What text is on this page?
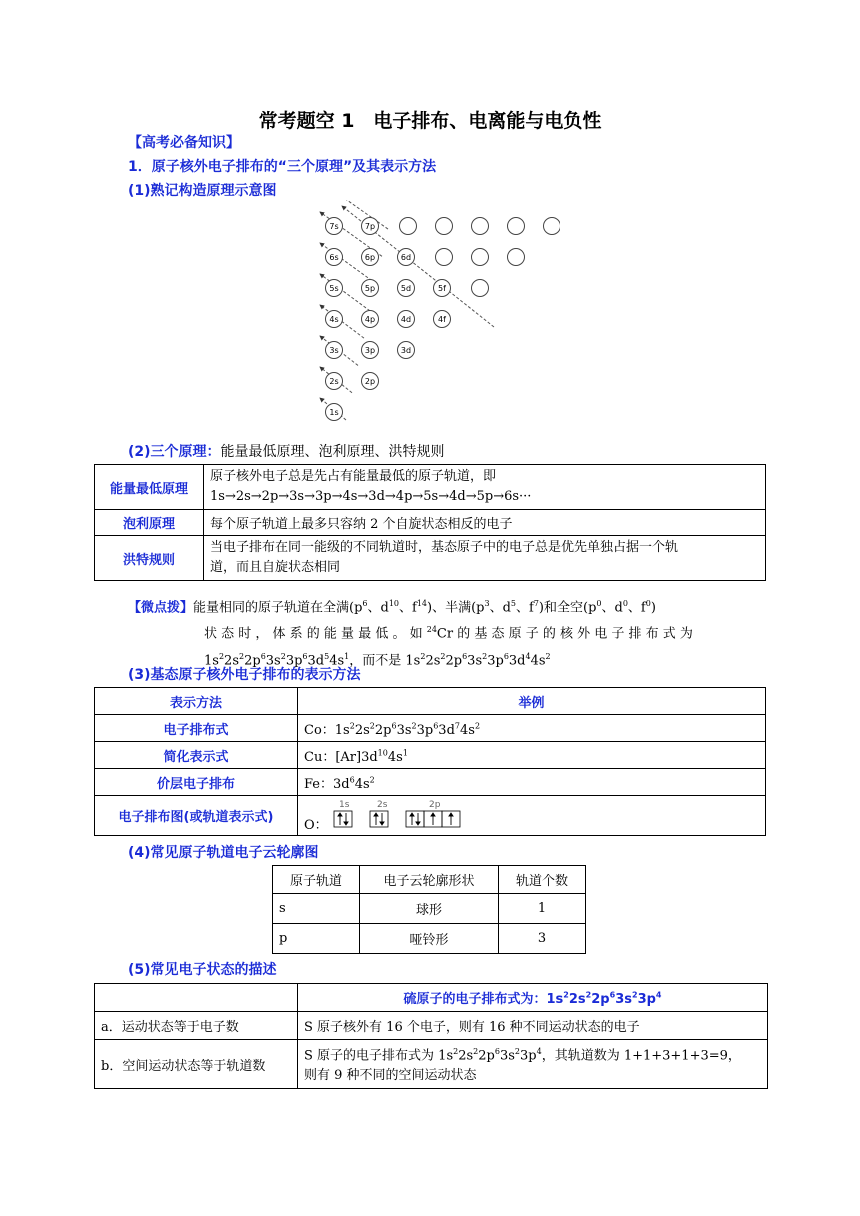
常考题空 1　电子排布、电离能与电负性
【高考必备知识】
1．原子核外电子排布的“三个原理”及其表示方法
(1)熟记构造原理示意图
7s	7p
6s	6p	6d
5s	5p	5d	5f
4s	4p	4d	4f
3s	3p	3d
2s	2p
1s
(2)三个原理：能量最低原理、泡利原理、洪特规则
能量最低原理	原子核外电子总是先占有能量最低的原子轨道，即
1s→2s→2p→3s→3p→4s→3d→4p→5s→4d→5p→6s···
泡利原理	每个原子轨道上最多只容纳 2 个自旋状态相反的电子
洪特规则	当电子排布在同一能级的不同轨道时，基态原子中的电子总是优先单独占据一个轨
道，而且自旋状态相同
【微点拨】能量相同的原子轨道在全满($p^6$、$d^{10}$、$f^{14}$)、半满($p^3$、$d^5$、$f^7$)和全空($p^0$、$d^0$、$f^0$)
状 态 时 ， 体 系 的 能 量 最 低 。 如 $^{24}$Cr 的 基 态 原 子 的 核 外 电 子 排 布 式 为
$1s^22s^22p^63s^23p^63d^54s^1$，而不是 $1s^22s^22p^63s^23p^63d^44s^2$
(3)基态原子核外电子排布的表示方法
表示方法	举例
电子排布式	Co：$1s^22s^22p^63s^23p^63d^74s^2$
简化表示式	Cu：$[Ar]3d^{10}4s^1$
价层电子排布	Fe：$3d^64s^2$
电子排布图(或轨道表示式)	O：
1s 2s 2p
(4)常见原子轨道电子云轮廓图
原子轨道	电子云轮廓形状	轨道个数
s	球形	1
p	哑铃形	3
(5)常见电子状态的描述
	硫原子的电子排布式为：$1s^22s^22p^63s^23p^4$
a．运动状态等于电子数	S 原子核外有 16 个电子，则有 16 种不同运动状态的电子
b．空间运动状态等于轨道数	S 原子的电子排布式为 $1s^22s^22p^63s^23p^4$，其轨道数为 1+1+3+1+3=9，
则有 9 种不同的空间运动状态
